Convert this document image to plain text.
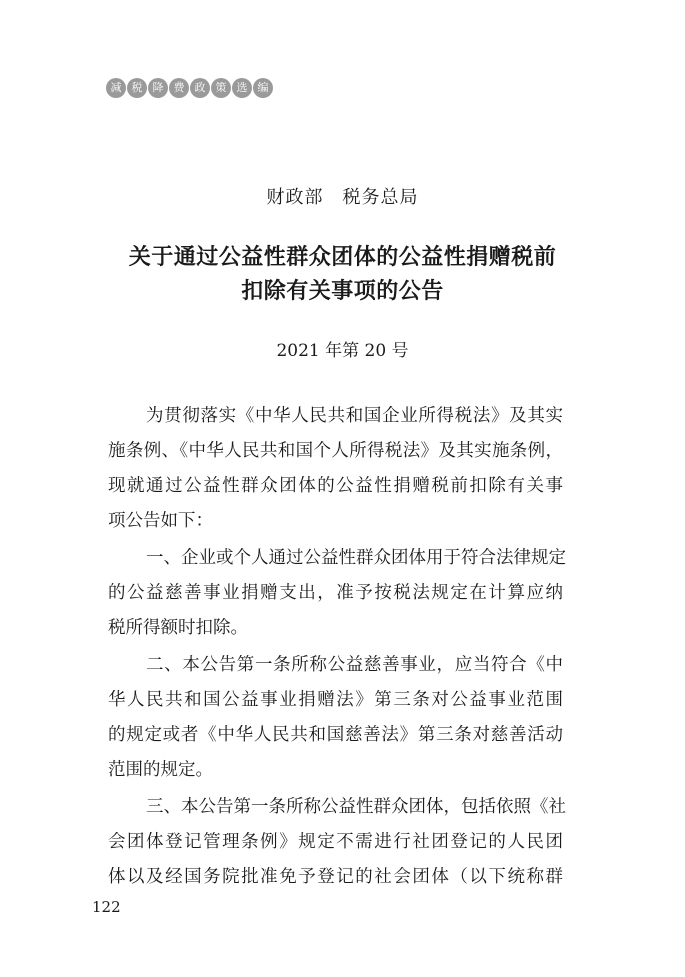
减 税 降 费 政 策 选 编
财政部　税务总局
关于通过公益性群众团体的公益性捐赠税前
扣除有关事项的公告
2021 年第 20 号
为贯彻落实《中华人民共和国企业所得税法》及其实
施条例、《中华人民共和国个人所得税法》及其实施条例，
现就通过公益性群众团体的公益性捐赠税前扣除有关事
项公告如下：
一、企业或个人通过公益性群众团体用于符合法律规定
的公益慈善事业捐赠支出，准予按税法规定在计算应纳
税所得额时扣除。
二、本公告第一条所称公益慈善事业，应当符合《中
华人民共和国公益事业捐赠法》第三条对公益事业范围
的规定或者《中华人民共和国慈善法》第三条对慈善活动
范围的规定。
三、本公告第一条所称公益性群众团体，包括依照《社
会团体登记管理条例》规定不需进行社团登记的人民团
体以及经国务院批准免予登记的社会团体（以下统称群
122
